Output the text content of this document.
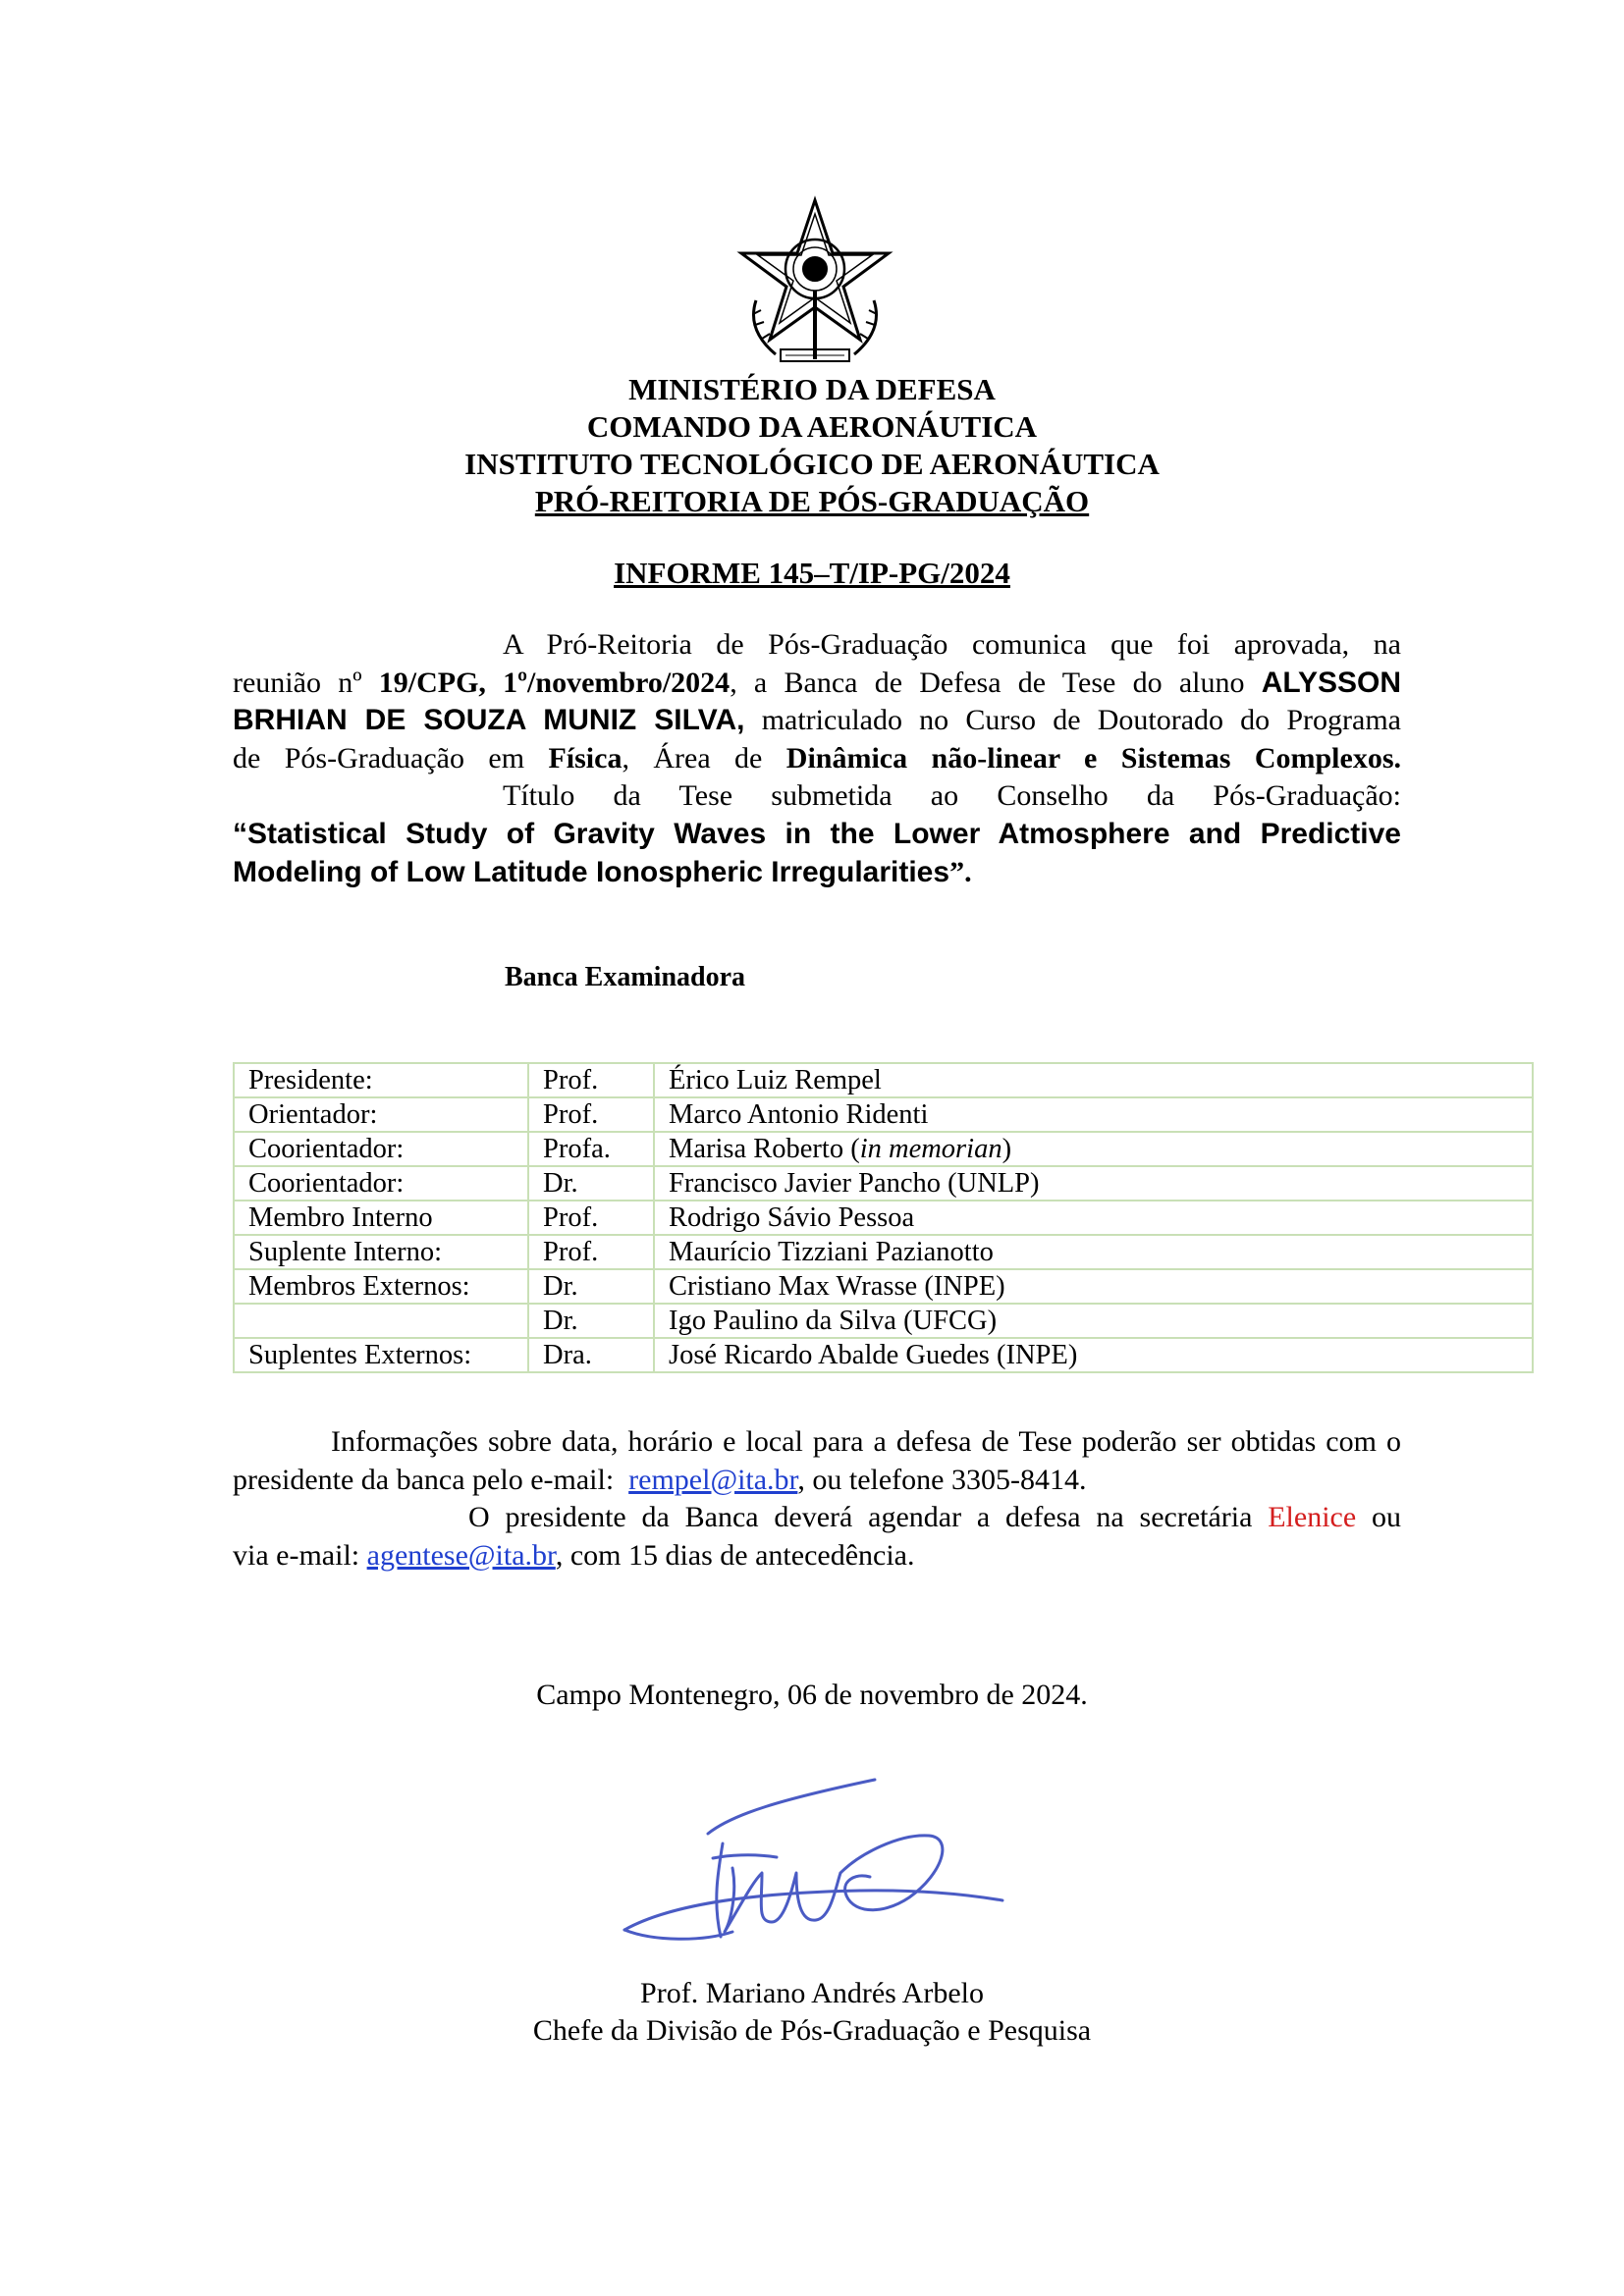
MINISTÉRIO DA DEFESA
COMANDO DA AERONÁUTICA
INSTITUTO TECNOLÓGICO DE AERONÁUTICA
PRÓ-REITORIA DE PÓS-GRADUAÇÃO
INFORME 145–T/IP-PG/2024
A Pró-Reitoria de Pós-Graduação comunica que foi aprovada, na
reunião nº 19/CPG, 1º/novembro/2024, a Banca de Defesa de Tese do aluno ALYSSON
BRHIAN DE SOUZA MUNIZ SILVA, matriculado no Curso de Doutorado do Programa
de Pós-Graduação em Física, Área de Dinâmica não-linear e Sistemas Complexos.
Título da Tese submetida ao Conselho da Pós-Graduação:
“Statistical Study of Gravity Waves in the Lower Atmosphere and Predictive
Modeling of Low Latitude Ionospheric Irregularities”.
Banca Examinadora
Presidente:	Prof.	Érico Luiz Rempel
Orientador:	Prof.	Marco Antonio Ridenti
Coorientador:	Profa.	Marisa Roberto (in memorian)
Coorientador:	Dr.	Francisco Javier Pancho (UNLP)
Membro Interno	Prof.	Rodrigo Sávio Pessoa
Suplente Interno:	Prof.	Maurício Tizziani Pazianotto
Membros Externos:	Dr.	Cristiano Max Wrasse (INPE)
	Dr.	Igo Paulino da Silva (UFCG)
Suplentes Externos:	Dra.	José Ricardo Abalde Guedes (INPE)
Informações sobre data, horário e local para a defesa de Tese poderão ser obtidas com o
presidente da banca pelo e-mail:  rempel@ita.br, ou telefone 3305-8414.
O presidente da Banca deverá agendar a defesa na secretária Elenice ou
via e-mail: agentese@ita.br, com 15 dias de antecedência.
Campo Montenegro, 06 de novembro de 2024.
Prof. Mariano Andrés Arbelo
Chefe da Divisão de Pós-Graduação e Pesquisa
